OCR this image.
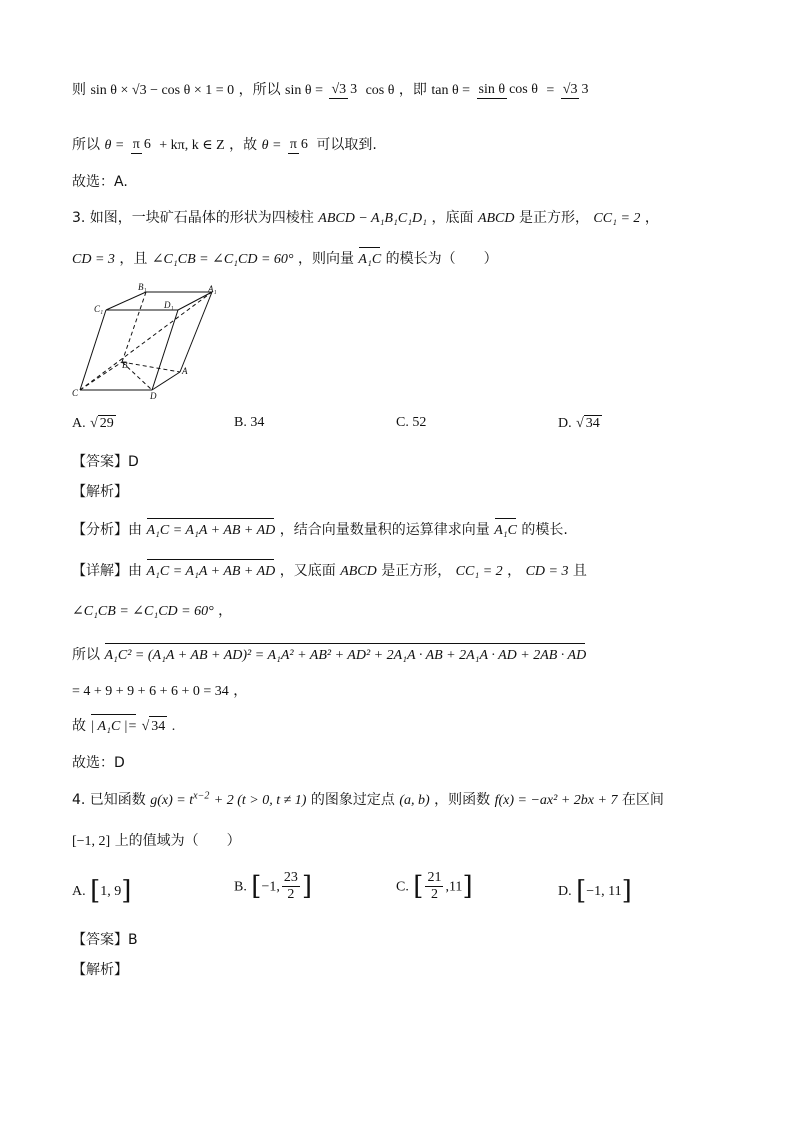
则 sin θ × √3 − cos θ × 1 = 0 ，所以 sin θ = √3 3 cos θ ，即 tan θ = sin θ cos θ = √3 3
所以 θ = π 6 + kπ, k ∈ Z ，故 θ = π 6 可以取到.
故选：A.
3. 如图，一块矿石晶体的形状为四棱柱 ABCD − A₁B₁C₁D₁ ，底面 ABCD 是正方形， CC₁ = 2 ，
CD = 3 ，且 ∠C₁CB = ∠C₁CD = 60° ，则向量 A₁C 的模长为（　　）
B₁	A₁
D₁
C₁
B
A
C	D
A. √ 29	B. 34	C. 52	D. √ 34
【答案】D
【解析】
【分析】由 A₁C = A₁A + AB + AD ，结合向量数量积的运算律求向量 A₁C 的模长.
【详解】由 A₁C = A₁A + AB + AD ，又底面 ABCD 是正方形， CC₁ = 2 ， CD = 3 且
∠C₁CB = ∠C₁CD = 60° ，
所以 A₁C² = (A₁A + AB + AD)² = A₁A² + AB² + AD² + 2A₁A · AB + 2A₁A · AD + 2AB · AD
= 4 + 9 + 9 + 6 + 6 + 0 = 34 ，
故 | A₁C |= √ 34 .
故选：D
4. 已知函数 $g(x) = t^{x-2} + 2$ (t > 0, t ≠ 1) 的图象过定点 (a, b) ，则函数 f(x) = −ax² + 2bx + 7 在区间
[−1, 2] 上的值域为（　　）
A. [1, 9]	B. [−1, $\frac{23}{2}$ ]	C. [ $\frac{21}{2} ,11$]	D. [−1, 11]
【答案】B
【解析】
